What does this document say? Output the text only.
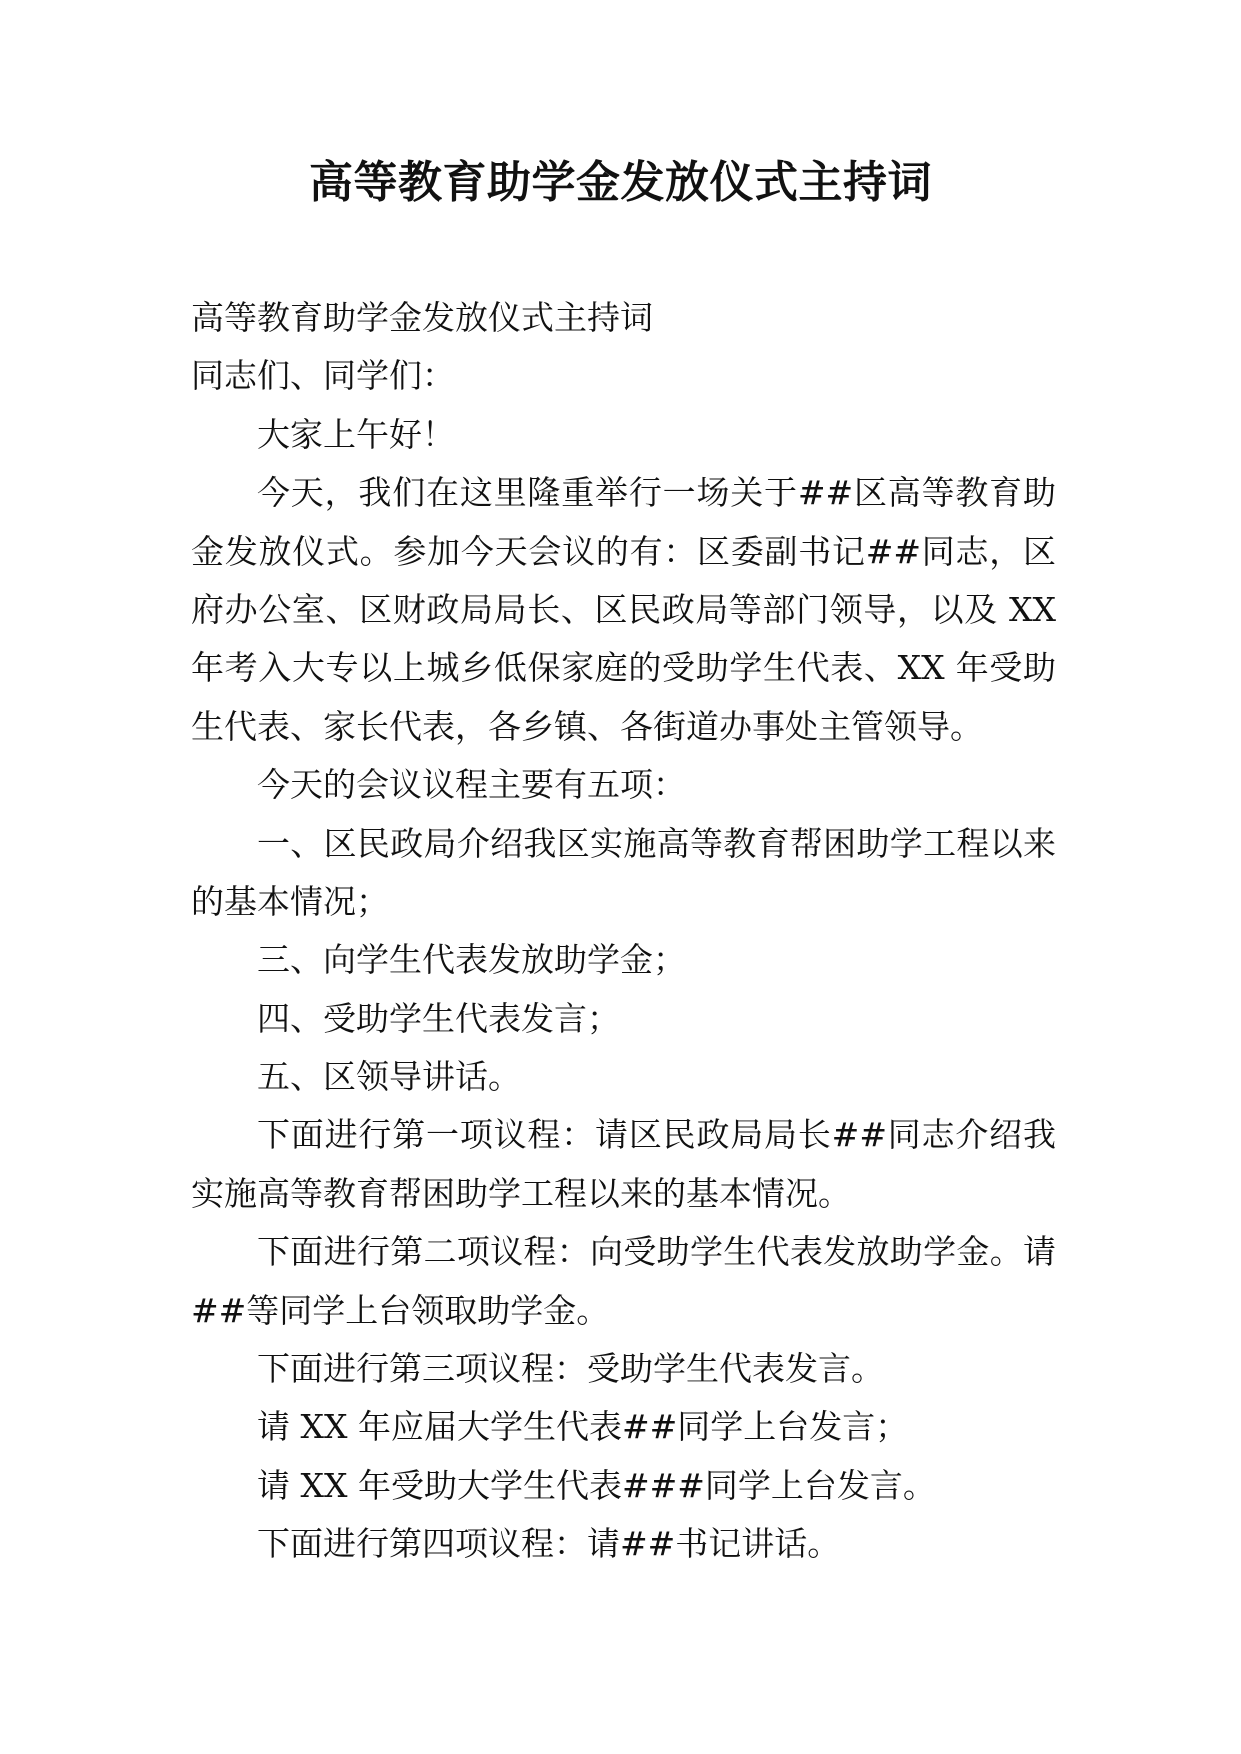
高等教育助学金发放仪式主持词
高等教育助学金发放仪式主持词
同志们、同学们：
大家上午好！
今天，我们在这里隆重举行一场关于##区高等教育助
金发放仪式。参加今天会议的有：区委副书记##同志，区
府办公室、区财政局局长、区民政局等部门领导，以及 XX
年考入大专以上城乡低保家庭的受助学生代表、XX 年受助
生代表、家长代表，各乡镇、各街道办事处主管领导。
今天的会议议程主要有五项：
一、区民政局介绍我区实施高等教育帮困助学工程以来
的基本情况；
三、向学生代表发放助学金；
四、受助学生代表发言；
五、区领导讲话。
下面进行第一项议程：请区民政局局长##同志介绍我
实施高等教育帮困助学工程以来的基本情况。
下面进行第二项议程：向受助学生代表发放助学金。请
##等同学上台领取助学金。
下面进行第三项议程：受助学生代表发言。
请 XX 年应届大学生代表##同学上台发言；
请 XX 年受助大学生代表###同学上台发言。
下面进行第四项议程：请##书记讲话。
